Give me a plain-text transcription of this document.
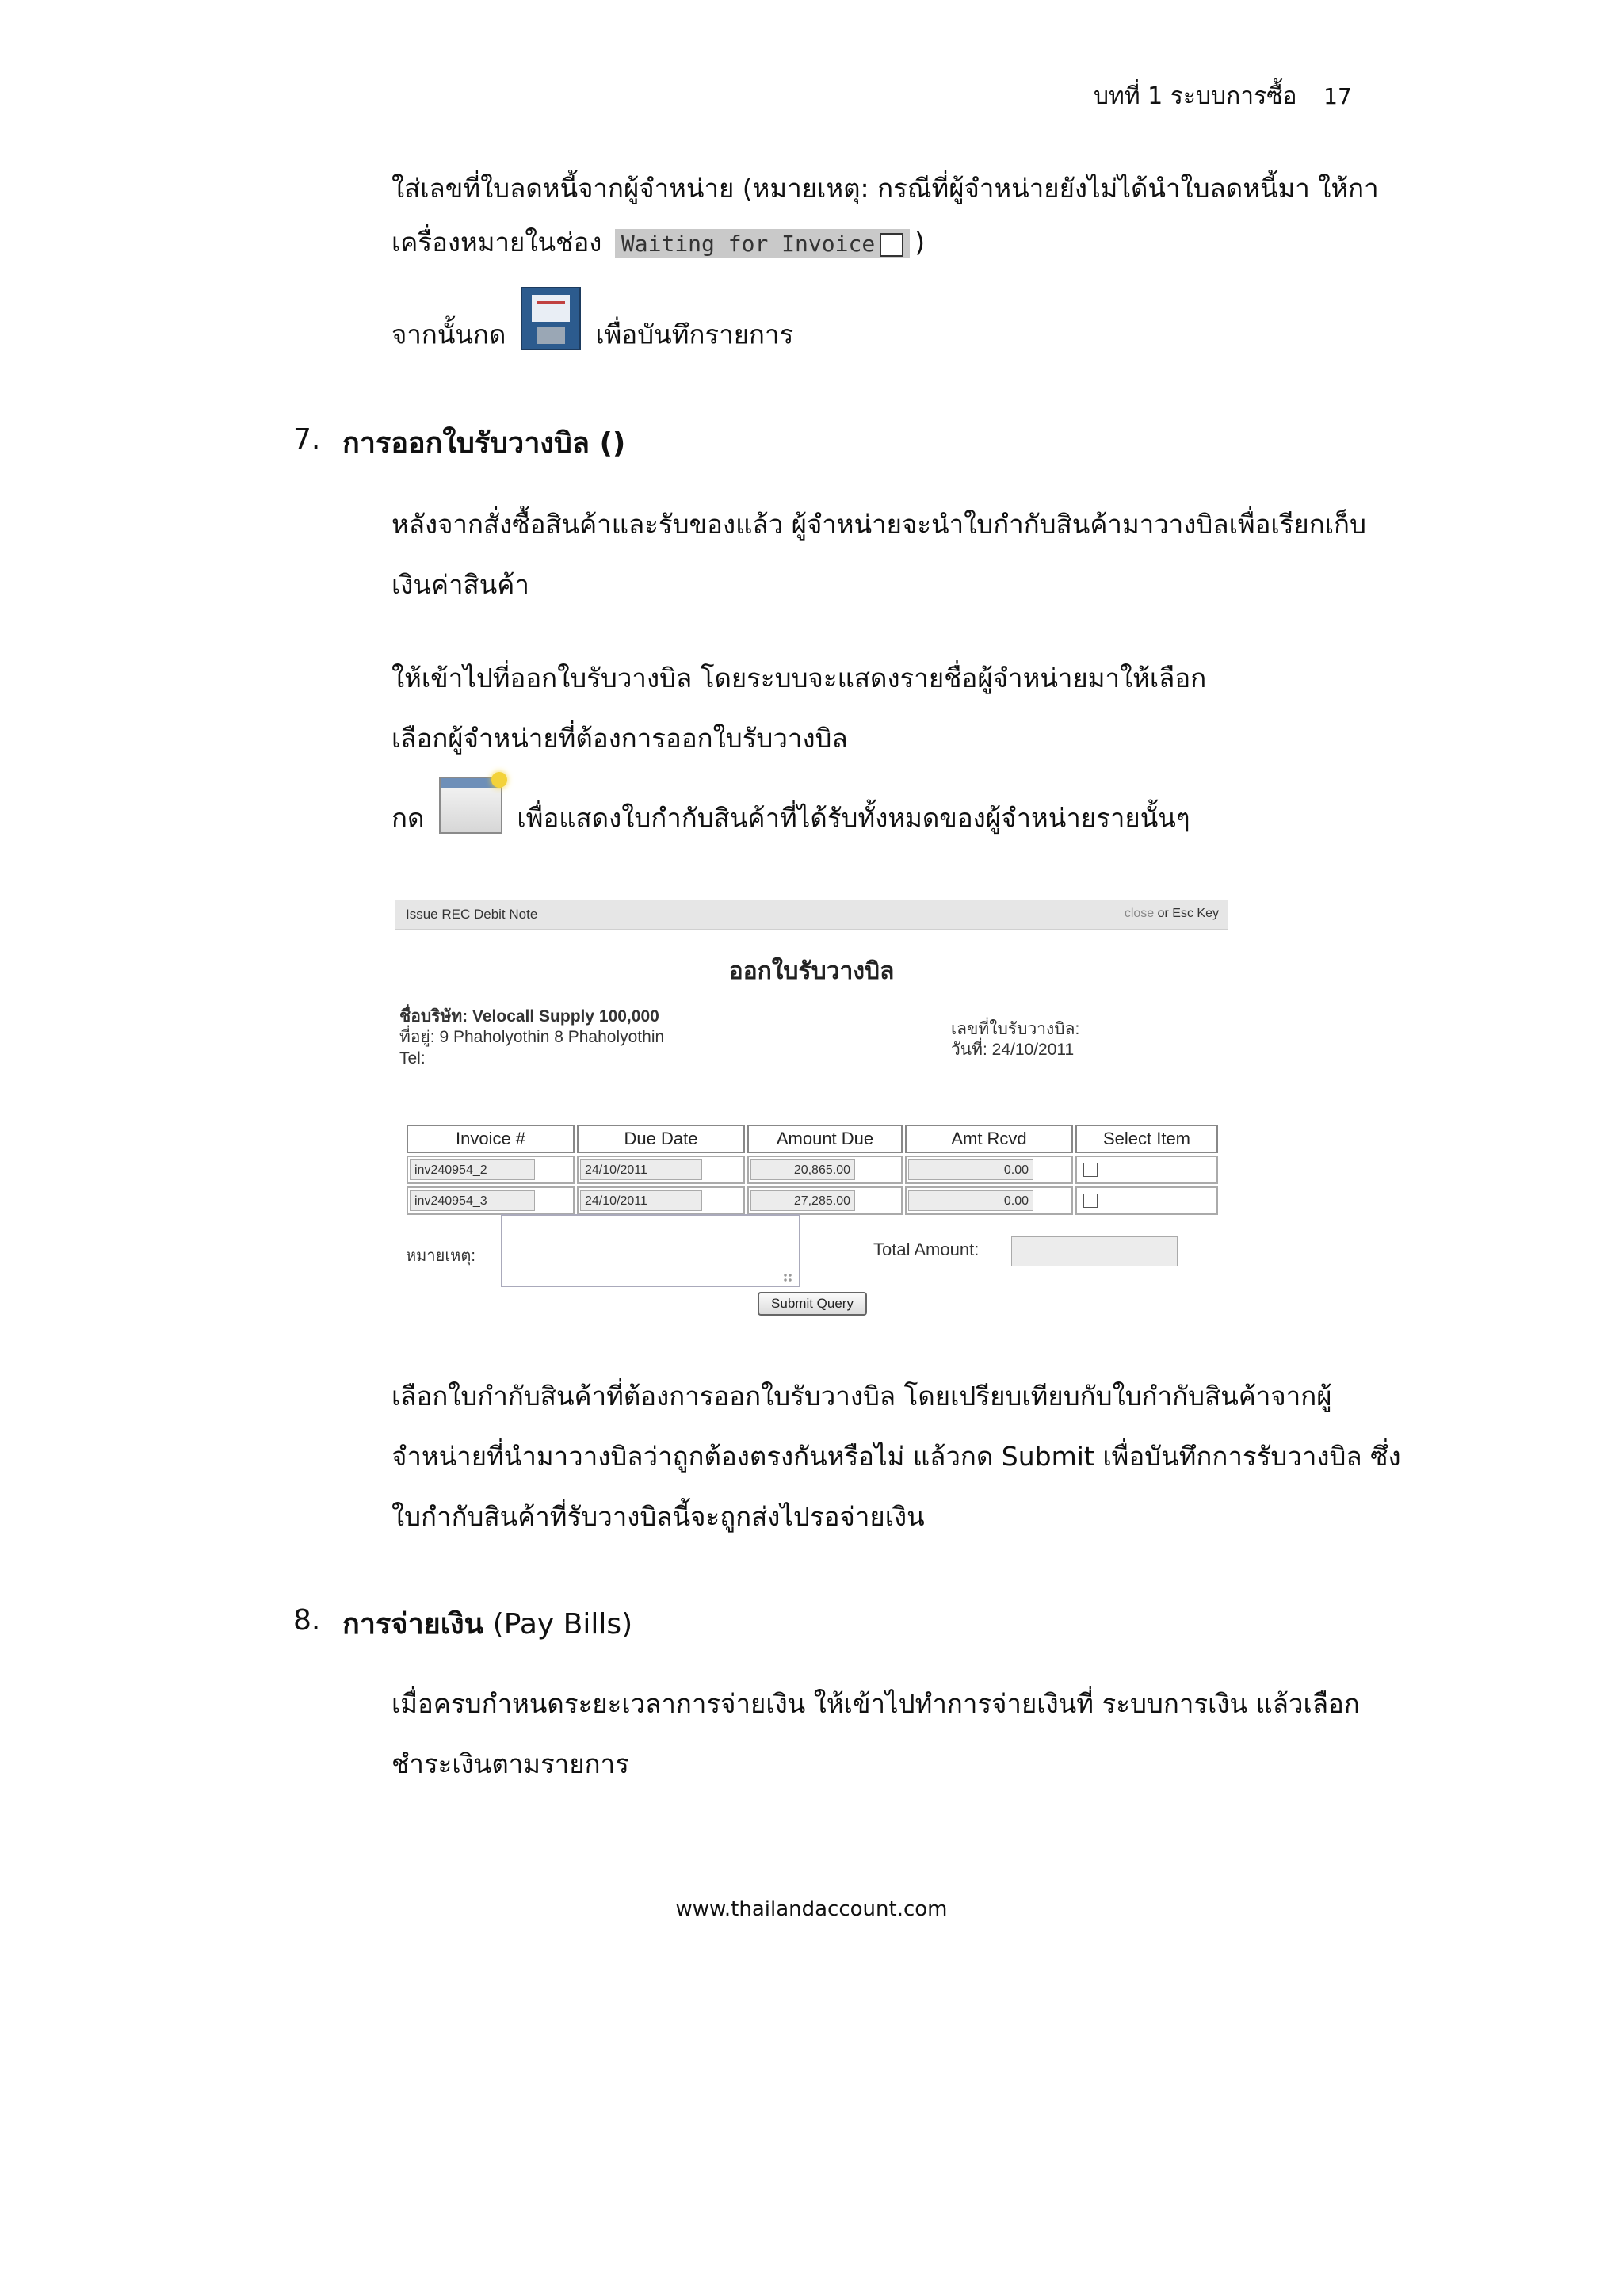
บทที่ 1 ระบบการซื้อ 17
ใส่เลขที่ใบลดหนี้จากผู้จำหน่าย (หมายเหตุ: กรณีที่ผู้จำหน่ายยังไม่ได้นำใบลดหนี้มา ให้กา
เครื่องหมายในช่อง Waiting for Invoice )
จากนั้นกด	เพื่อบันทึกรายการ
7. การออกใบรับวางบิล ()
หลังจากสั่งซื้อสินค้าและรับของแล้ว ผู้จำหน่ายจะนำใบกำกับสินค้ามาวางบิลเพื่อเรียกเก็บ
เงินค่าสินค้า
ให้เข้าไปที่ออกใบรับวางบิล โดยระบบจะแสดงรายชื่อผู้จำหน่ายมาให้เลือก
เลือกผู้จำหน่ายที่ต้องการออกใบรับวางบิล
กด	เพื่อแสดงใบกำกับสินค้าที่ได้รับทั้งหมดของผู้จำหน่ายรายนั้นๆ
Issue REC Debit Note	close or Esc Key
ออกใบรับวางบิล
ชื่อบริษัท: Velocall Supply 100,000
ที่อยู่: 9 Phaholyothin 8 Phaholyothin
Tel:
เลขที่ใบรับวางบิล:
วันที่: 24/10/2011
Invoice #	Due Date	Amount Due	Amt Rcvd	Select Item

inv240954_2	24/10/2011	20,865.00	0.00	

inv240954_3	24/10/2011	27,285.00	0.00	

หมายเหตุ:	Total Amount:
Submit Query
เลือกใบกำกับสินค้าที่ต้องการออกใบรับวางบิล โดยเปรียบเทียบกับใบกำกับสินค้าจากผู้
จำหน่ายที่นำมาวางบิลว่าถูกต้องตรงกันหรือไม่ แล้วกด Submit เพื่อบันทึกการรับวางบิล ซึ่ง
ใบกำกับสินค้าที่รับวางบิลนี้จะถูกส่งไปรอจ่ายเงิน
8. การจ่ายเงิน (Pay Bills)
เมื่อครบกำหนดระยะเวลาการจ่ายเงิน ให้เข้าไปทำการจ่ายเงินที่ ระบบการเงิน แล้วเลือก
ชำระเงินตามรายการ
www.thailandaccount.com
